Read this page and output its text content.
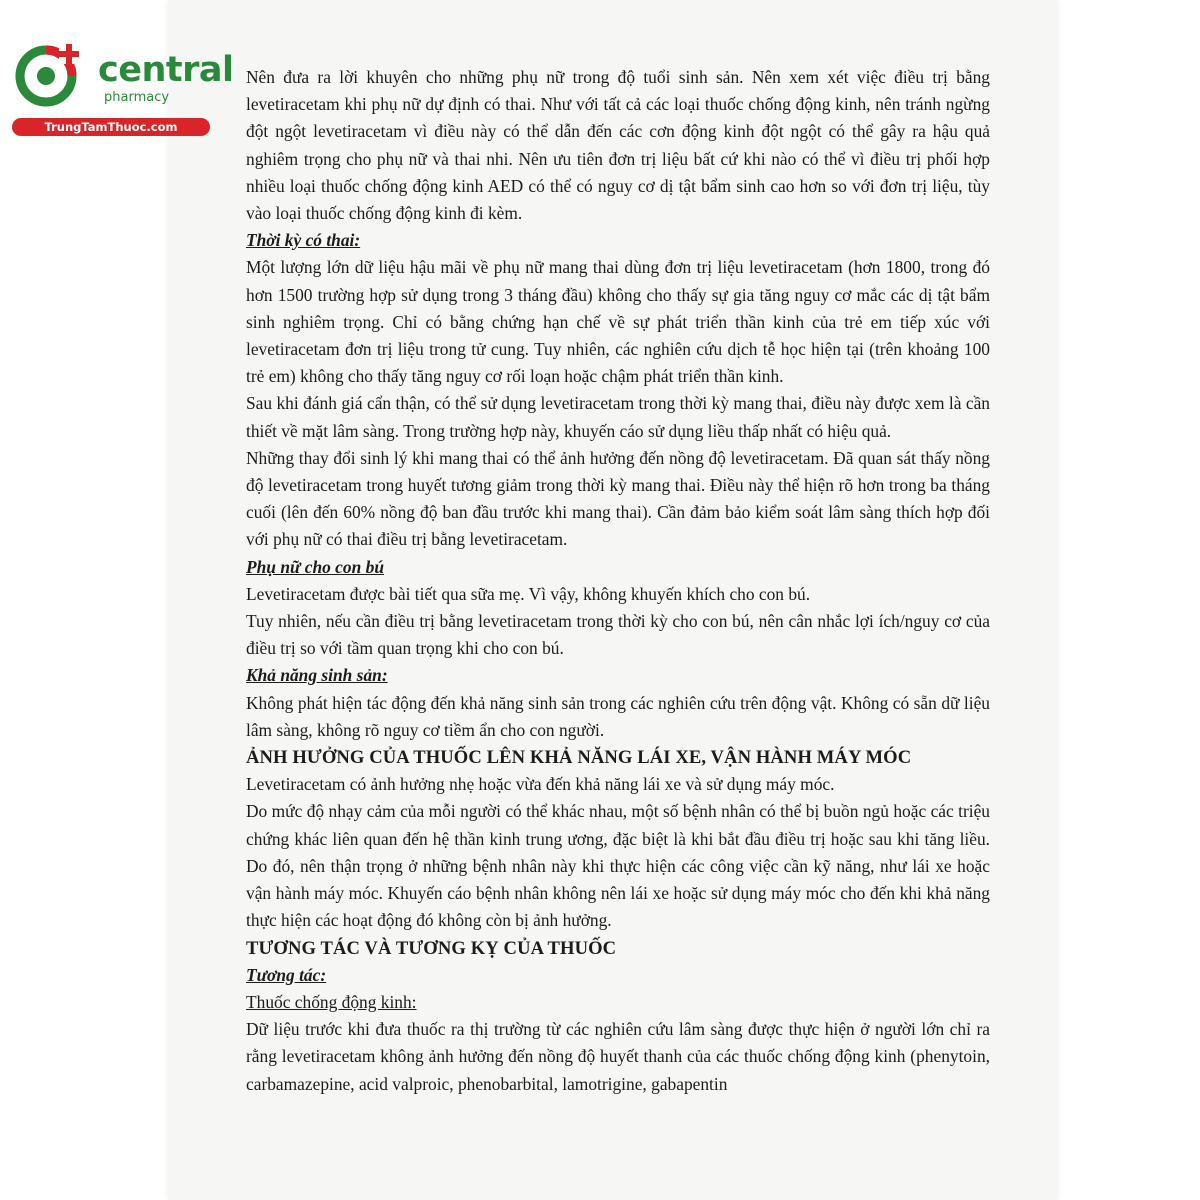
central
pharmacy
TrungTamThuoc.com

Nên đưa ra lời khuyên cho những phụ nữ trong độ tuổi sinh sản. Nên xem xét việc điều trị bằng levetiracetam khi phụ nữ dự định có thai. Như với tất cả các loại thuốc chống động kinh, nên tránh ngừng đột ngột levetiracetam vì điều này có thể dẫn đến các cơn động kinh đột ngột có thể gây ra hậu quả nghiêm trọng cho phụ nữ và thai nhi. Nên ưu tiên đơn trị liệu bất cứ khi nào có thể vì điều trị phối hợp nhiều loại thuốc chống động kinh AED có thể có nguy cơ dị tật bẩm sinh cao hơn so với đơn trị liệu, tùy vào loại thuốc chống động kinh đi kèm.

Thời kỳ có thai:

Một lượng lớn dữ liệu hậu mãi về phụ nữ mang thai dùng đơn trị liệu levetiracetam (hơn 1800, trong đó hơn 1500 trường hợp sử dụng trong 3 tháng đầu) không cho thấy sự gia tăng nguy cơ mắc các dị tật bẩm sinh nghiêm trọng. Chỉ có bằng chứng hạn chế về sự phát triển thần kinh của trẻ em tiếp xúc với levetiracetam đơn trị liệu trong tử cung. Tuy nhiên, các nghiên cứu dịch tễ học hiện tại (trên khoảng 100 trẻ em) không cho thấy tăng nguy cơ rối loạn hoặc chậm phát triển thần kinh.

Sau khi đánh giá cẩn thận, có thể sử dụng levetiracetam trong thời kỳ mang thai, điều này được xem là cần thiết về mặt lâm sàng. Trong trường hợp này, khuyến cáo sử dụng liều thấp nhất có hiệu quả.

Những thay đổi sinh lý khi mang thai có thể ảnh hưởng đến nồng độ levetiracetam. Đã quan sát thấy nồng độ levetiracetam trong huyết tương giảm trong thời kỳ mang thai. Điều này thể hiện rõ hơn trong ba tháng cuối (lên đến 60% nồng độ ban đầu trước khi mang thai). Cần đảm bảo kiểm soát lâm sàng thích hợp đối với phụ nữ có thai điều trị bằng levetiracetam.

Phụ nữ cho con bú

Levetiracetam được bài tiết qua sữa mẹ. Vì vậy, không khuyến khích cho con bú.

Tuy nhiên, nếu cần điều trị bằng levetiracetam trong thời kỳ cho con bú, nên cân nhắc lợi ích/nguy cơ của điều trị so với tầm quan trọng khi cho con bú.

Khả năng sinh sản:

Không phát hiện tác động đến khả năng sinh sản trong các nghiên cứu trên động vật. Không có sẵn dữ liệu lâm sàng, không rõ nguy cơ tiềm ẩn cho con người.

ẢNH HƯỞNG CỦA THUỐC LÊN KHẢ NĂNG LÁI XE, VẬN HÀNH MÁY MÓC

Levetiracetam có ảnh hưởng nhẹ hoặc vừa đến khả năng lái xe và sử dụng máy móc.

Do mức độ nhạy cảm của mỗi người có thể khác nhau, một số bệnh nhân có thể bị buồn ngủ hoặc các triệu chứng khác liên quan đến hệ thần kinh trung ương, đặc biệt là khi bắt đầu điều trị hoặc sau khi tăng liều. Do đó, nên thận trọng ở những bệnh nhân này khi thực hiện các công việc cần kỹ năng, như lái xe hoặc vận hành máy móc. Khuyến cáo bệnh nhân không nên lái xe hoặc sử dụng máy móc cho đến khi khả năng thực hiện các hoạt động đó không còn bị ảnh hưởng.

TƯƠNG TÁC VÀ TƯƠNG KỴ CỦA THUỐC

Tương tác:

Thuốc chống động kinh:

Dữ liệu trước khi đưa thuốc ra thị trường từ các nghiên cứu lâm sàng được thực hiện ở người lớn chỉ ra rằng levetiracetam không ảnh hưởng đến nồng độ huyết thanh của các thuốc chống động kinh (phenytoin, carbamazepine, acid valproic, phenobarbital, lamotrigine, gabapentin
